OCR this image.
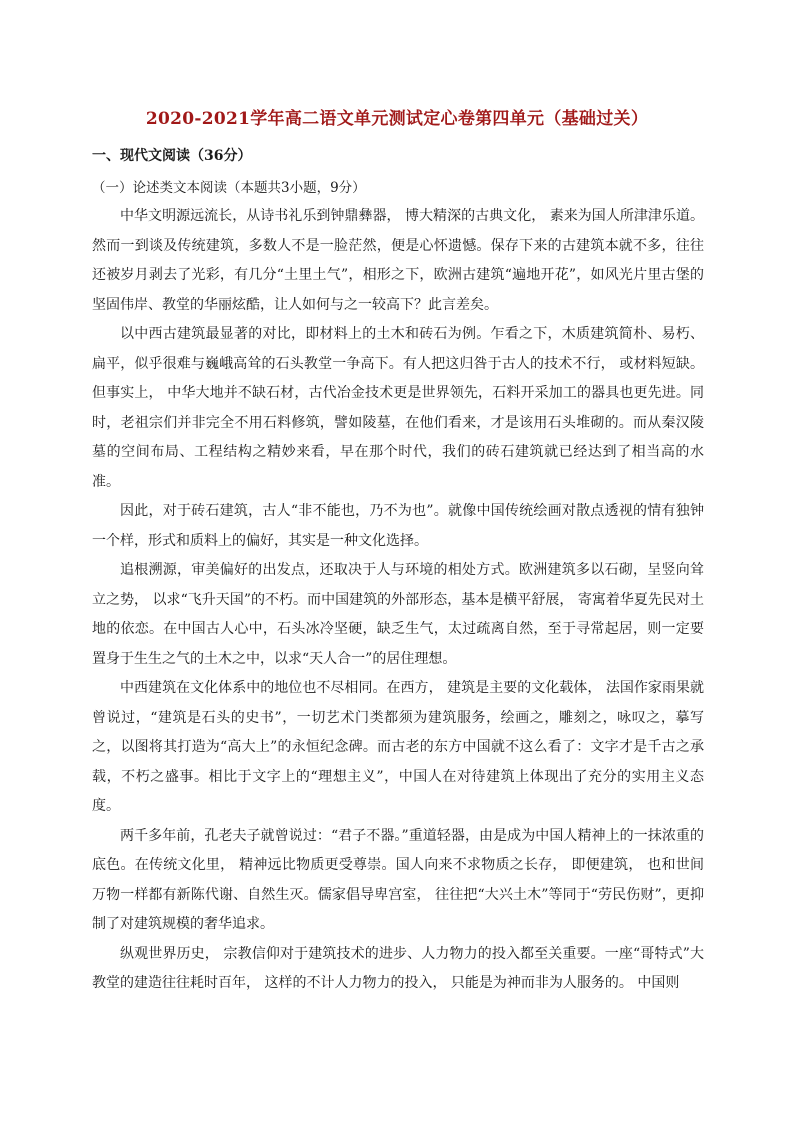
2020-2021学年高二语文单元测试定心卷第四单元（基础过关）
一、现代文阅读（36分）
（一）论述类文本阅读（本题共3小题，9分）

中华文明源远流长，从诗书礼乐到钟鼎彝器， 博大精深的古典文化， 素来为国人所津津乐道。然而一到谈及传统建筑，多数人不是一脸茫然，便是心怀遗憾。保存下来的古建筑本就不多，往往还被岁月剥去了光彩，有几分“土里土气”，相形之下，欧洲古建筑“遍地开花”，如风光片里古堡的坚固伟岸、教堂的华丽炫酷，让人如何与之一较高下？此言差矣。

以中西古建筑最显著的对比，即材料上的土木和砖石为例。乍看之下，木质建筑简朴、易朽、扁平，似乎很难与巍峨高耸的石头教堂一争高下。有人把这归咎于古人的技术不行， 或材料短缺。但事实上， 中华大地并不缺石材，古代冶金技术更是世界领先，石料开采加工的器具也更先进。同时，老祖宗们并非完全不用石料修筑，譬如陵墓，在他们看来，才是该用石头堆砌的。而从秦汉陵墓的空间布局、工程结构之精妙来看，早在那个时代，我们的砖石建筑就已经达到了相当高的水准。

因此，对于砖石建筑，古人“非不能也，乃不为也”。就像中国传统绘画对散点透视的情有独钟一个样，形式和质料上的偏好，其实是一种文化选择。

追根溯源，审美偏好的出发点，还取决于人与环境的相处方式。欧洲建筑多以石砌，呈竖向耸立之势， 以求“飞升天国”的不朽。而中国建筑的外部形态，基本是横平舒展， 寄寓着华夏先民对土地的依恋。在中国古人心中，石头冰冷坚硬，缺乏生气，太过疏离自然，至于寻常起居，则一定要置身于生生之气的土木之中，以求“天人合一”的居住理想。

中西建筑在文化体系中的地位也不尽相同。在西方， 建筑是主要的文化载体， 法国作家雨果就曾说过，“建筑是石头的史书”，一切艺术门类都须为建筑服务，绘画之，雕刻之，咏叹之，摹写之，以图将其打造为“高大上”的永恒纪念碑。而古老的东方中国就不这么看了：文字才是千古之承载，不朽之盛事。相比于文字上的“理想主义”，中国人在对待建筑上体现出了充分的实用主义态度。

两千多年前，孔老夫子就曾说过：“君子不器。”重道轻器，由是成为中国人精神上的一抹浓重的底色。在传统文化里， 精神远比物质更受尊崇。国人向来不求物质之长存， 即便建筑， 也和世间万物一样都有新陈代谢、自然生灭。儒家倡导卑宫室， 往往把“大兴土木”等同于“劳民伤财”，更抑制了对建筑规模的奢华追求。

纵观世界历史， 宗教信仰对于建筑技术的进步、人力物力的投入都至关重要。一座“哥特式”大教堂的建造往往耗时百年， 这样的不计人力物力的投入， 只能是为神而非为人服务的。 中国则
